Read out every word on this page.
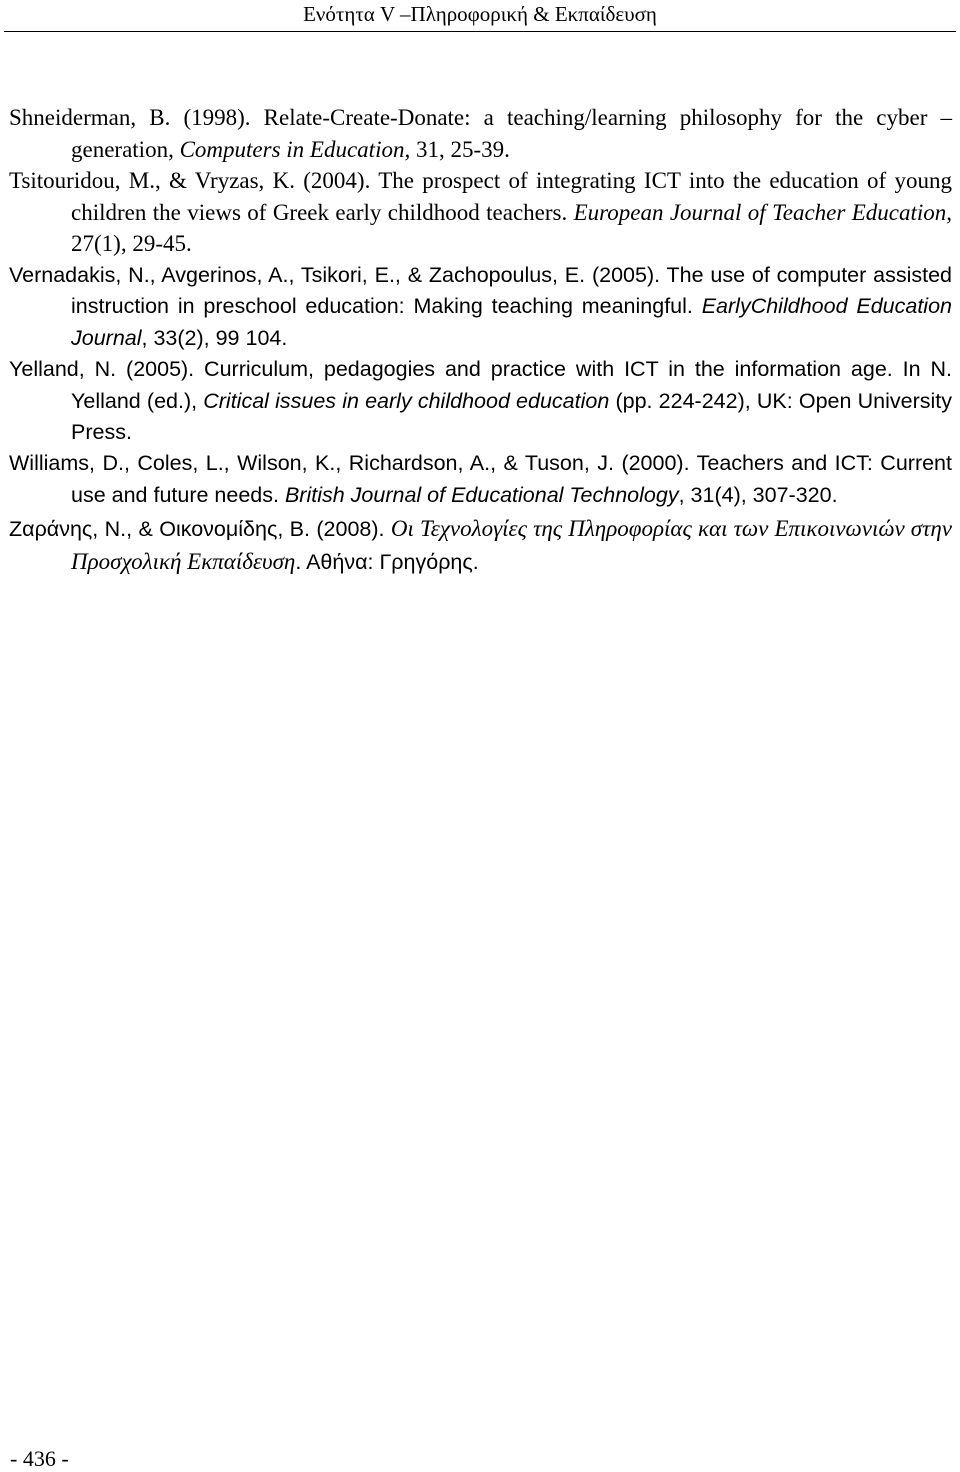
Ενότητα V –Πληροφορική & Εκπαίδευση

Shneiderman, B. (1998). Relate-Create-Donate: a teaching/learning philosophy for the cyber – generation, Computers in Education, 31, 25-39.

Tsitouridou, M., & Vryzas, K. (2004). The prospect of integrating ICT into the education of young children the views of Greek early childhood teachers. European Journal of Teacher Education, 27(1), 29-45.

Vernadakis, N., Avgerinos, A., Tsikori, E., & Zachopoulus, E. (2005). The use of computer assisted instruction in preschool education: Making teaching meaningful. EarlyChildhood Education Journal, 33(2), 99 104.

Yelland, N. (2005). Curriculum, pedagogies and practice with ICT in the information age. In N. Yelland (ed.), Critical issues in early childhood education (pp. 224-242), UK: Open University Press.

Williams, D., Coles, L., Wilson, K., Richardson, A., & Tuson, J. (2000). Teachers and ICT: Current use and future needs. British Journal of Educational Technology, 31(4), 307-320.

Ζαράνης, Ν., & Οικονομίδης, Β. (2008). Οι Τεχνολογίες της Πληροφορίας και των Επικοινωνιών στην Προσχολική Εκπαίδευση. Αθήνα: Γρηγόρης.

- 436 -
